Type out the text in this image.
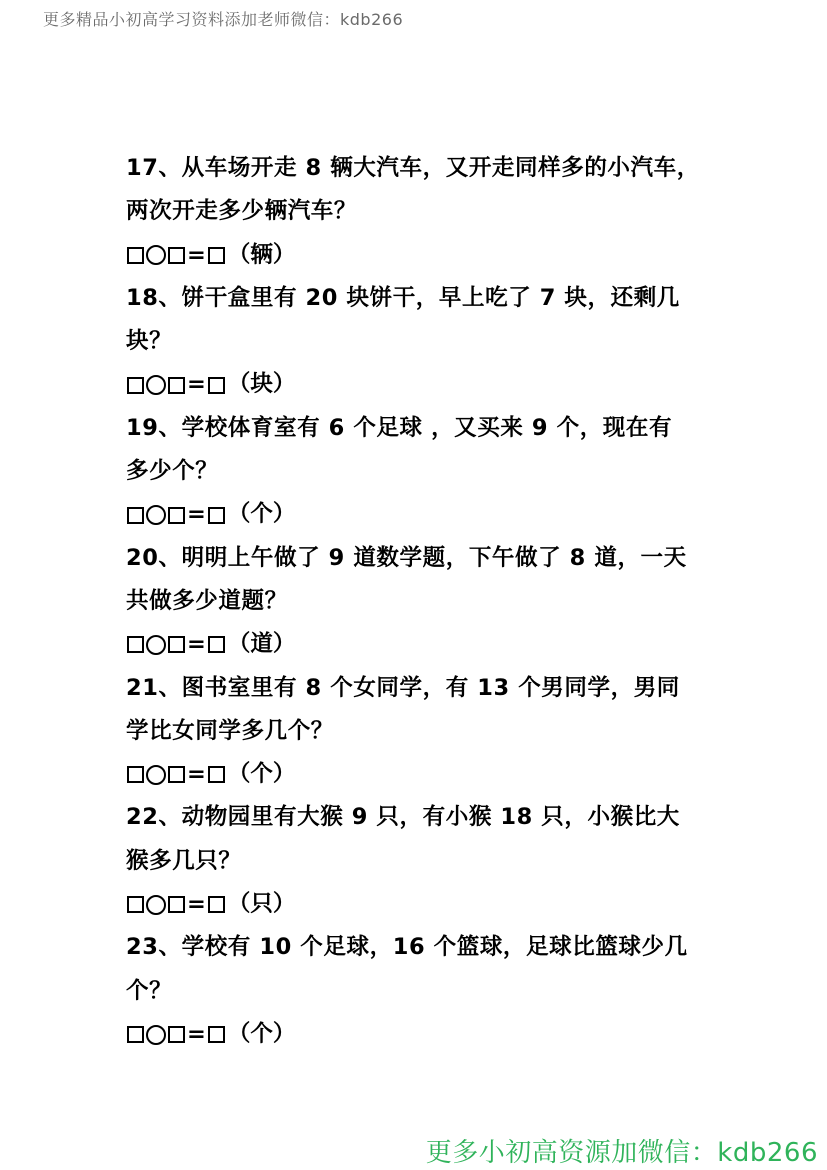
更多精品小初高学习资料添加老师微信：kdb266
17、从车场开走 8 辆大汽车，又开走同样多的小汽车，
两次开走多少辆汽车？
= （辆）
18、饼干盒里有 20 块饼干，早上吃了 7 块，还剩几
块？
= （块）
19、学校体育室有 6 个足球 ，又买来 9 个，现在有
多少个？
= （个）
20、明明上午做了 9 道数学题，下午做了 8 道，一天
共做多少道题？
= （道）
21、图书室里有 8 个女同学，有 13 个男同学，男同
学比女同学多几个？
= （个）
22、动物园里有大猴 9 只，有小猴 18 只，小猴比大
猴多几只？
= （只）
23、学校有 10 个足球，16 个篮球，足球比篮球少几
个？
= （个）
更多小初高资源加微信：kdb266
